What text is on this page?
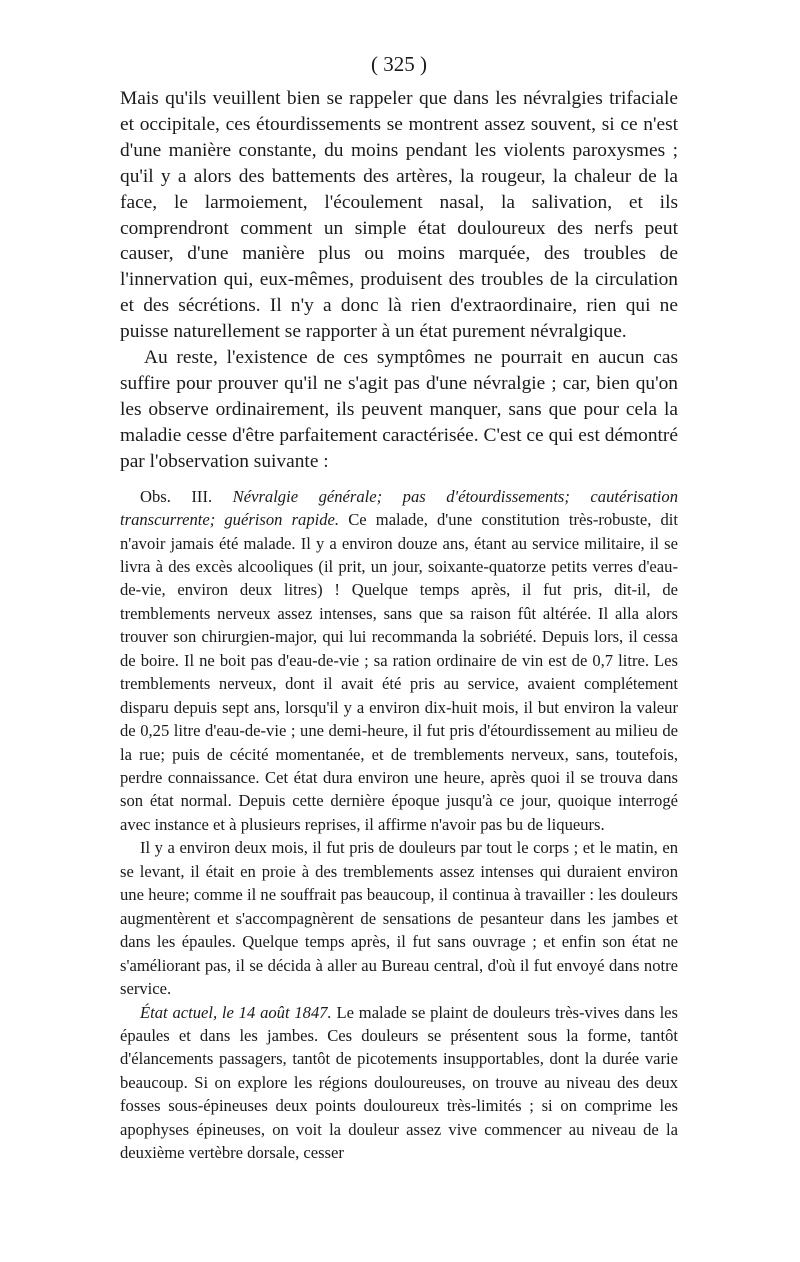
( 325 )

Mais qu'ils veuillent bien se rappeler que dans les névralgies trifaciale et occipitale, ces étourdissements se montrent assez souvent, si ce n'est d'une manière constante, du moins pendant les violents paroxysmes ; qu'il y a alors des battements des artères, la rougeur, la chaleur de la face, le larmoiement, l'écoulement nasal, la salivation, et ils comprendront comment un simple état douloureux des nerfs peut causer, d'une manière plus ou moins marquée, des troubles de l'innervation qui, eux-mêmes, produisent des troubles de la circulation et des sécrétions. Il n'y a donc là rien d'extraordinaire, rien qui ne puisse naturellement se rapporter à un état purement névralgique.

Au reste, l'existence de ces symptômes ne pourrait en aucun cas suffire pour prouver qu'il ne s'agit pas d'une névralgie ; car, bien qu'on les observe ordinairement, ils peuvent manquer, sans que pour cela la maladie cesse d'être parfaitement caractérisée. C'est ce qui est démontré par l'observation suivante :

Obs. III. Névralgie générale; pas d'étourdissements; cautérisation transcurrente; guérison rapide. Ce malade, d'une constitution très-robuste, dit n'avoir jamais été malade. Il y a environ douze ans, étant au service militaire, il se livra à des excès alcooliques (il prit, un jour, soixante-quatorze petits verres d'eau-de-vie, environ deux litres) ! Quelque temps après, il fut pris, dit-il, de tremblements nerveux assez intenses, sans que sa raison fût altérée. Il alla alors trouver son chirurgien-major, qui lui recommanda la sobriété. Depuis lors, il cessa de boire. Il ne boit pas d'eau-de-vie ; sa ration ordinaire de vin est de 0,7 litre. Les tremblements nerveux, dont il avait été pris au service, avaient complétement disparu depuis sept ans, lorsqu'il y a environ dix-huit mois, il but environ la valeur de 0,25 litre d'eau-de-vie ; une demi-heure, il fut pris d'étourdissement au milieu de la rue; puis de cécité momentanée, et de tremblements nerveux, sans, toutefois, perdre connaissance. Cet état dura environ une heure, après quoi il se trouva dans son état normal. Depuis cette dernière époque jusqu'à ce jour, quoique interrogé avec instance et à plusieurs reprises, il affirme n'avoir pas bu de liqueurs.

Il y a environ deux mois, il fut pris de douleurs par tout le corps ; et le matin, en se levant, il était en proie à des tremblements assez intenses qui duraient environ une heure; comme il ne souffrait pas beaucoup, il continua à travailler : les douleurs augmentèrent et s'accompagnèrent de sensations de pesanteur dans les jambes et dans les épaules. Quelque temps après, il fut sans ouvrage ; et enfin son état ne s'améliorant pas, il se décida à aller au Bureau central, d'où il fut envoyé dans notre service.

État actuel, le 14 août 1847. Le malade se plaint de douleurs très-vives dans les épaules et dans les jambes. Ces douleurs se présentent sous la forme, tantôt d'élancements passagers, tantôt de picotements insupportables, dont la durée varie beaucoup. Si on explore les régions douloureuses, on trouve au niveau des deux fosses sous-épineuses deux points douloureux très-limités ; si on comprime les apophyses épineuses, on voit la douleur assez vive commencer au niveau de la deuxième vertèbre dorsale, cesser
